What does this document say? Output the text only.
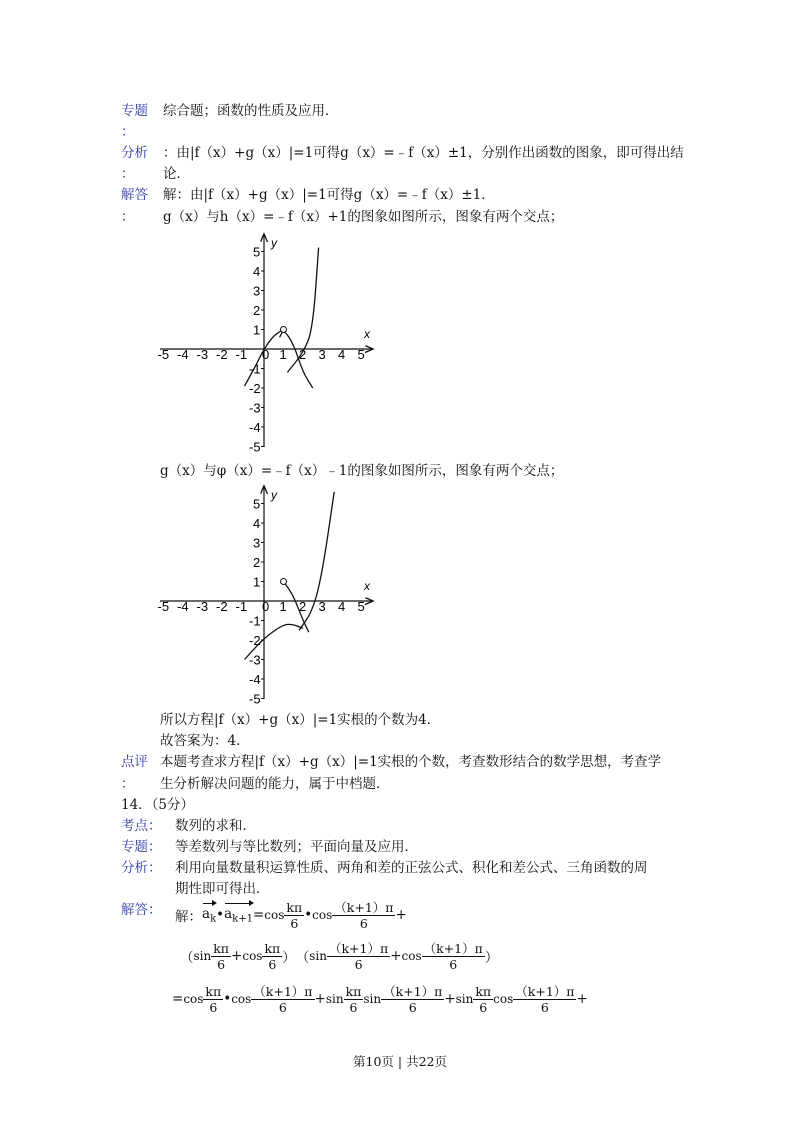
专题 综合题；函数的性质及应用．
：
分析 ：由|f（x）+g（x）|=1可得g（x）=﹣f（x）±1，分别作出函数的图象，即可得出结
： 论．
解答 解：由|f（x）+g（x）|=1可得g（x）=﹣f（x）±1．
： g（x）与h（x）=﹣f（x）+1的图象如图所示，图象有两个交点；
x
y
-5 -4 -3 -2 -1 0 1 2 3 4 5
5
4
3
2
1
-1
-2
-3
-4
-5
g（x）与φ（x）=﹣f（x）﹣1的图象如图所示，图象有两个交点；
x
y
-5 -4 -3 -2 -1 0 1 2 3 4 5
5
4
3
2
1
-1
-2
-3
-4
-5
所以方程|f（x）+g（x）|=1实根的个数为4．
故答案为：4．
点评 本题考查求方程|f（x）+g（x）|=1实根的个数，考查数形结合的数学思想，考查学
： 生分析解决问题的能力，属于中档题．
14．（5分）
考点： 数列的求和．
专题： 等差数列与等比数列；平面向量及应用．
分析： 利用向量数量积运算性质、两角和差的正弦公式、积化和差公式、三角函数的周
期性即可得出．
解答： 解： $a_k$ • $a_{k+1} = \cos \frac{k\pi}{6}$ • $\cos \frac{(k+1)\pi}{6}$ +
（ $\sin \frac{k\pi}{6} + \cos \frac{k\pi}{6}$ ） （ $\sin \frac{(k+1)\pi}{6} + \cos \frac{(k+1)\pi}{6}$ ）
= $\cos \frac{k\pi}{6}$ • $\cos \frac{(k+1)\pi}{6} + \sin \frac{k\pi}{6}$ $\sin \frac{(k+1)\pi}{6} + \sin \frac{k\pi}{6}$ $\cos \frac{(k+1)\pi}{6}$ +
第10页 | 共22页
